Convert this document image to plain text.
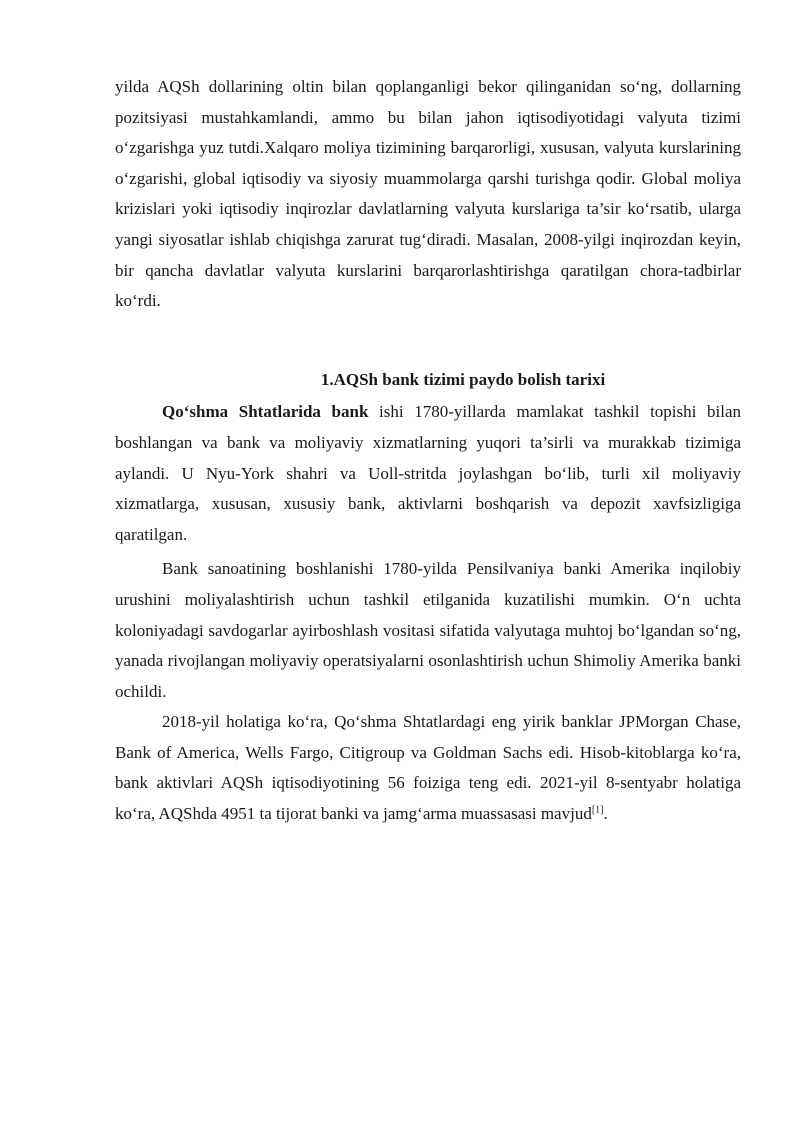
yilda AQSh dollarining oltin bilan qoplanganligi bekor qilinganidan so‘ng, dollarning pozitsiyasi mustahkamlandi, ammo bu bilan jahon iqtisodiyotidagi valyuta tizimi o‘zgarishga yuz tutdi.Xalqaro moliya tizimining barqarorligi, xususan, valyuta kurslarining o‘zgarishi, global iqtisodiy va siyosiy muammolarga qarshi turishga qodir. Global moliya krizislari yoki iqtisodiy inqirozlar davlatlarning valyuta kurslariga ta’sir ko‘rsatib, ularga yangi siyosatlar ishlab chiqishga zarurat tug‘diradi. Masalan, 2008-yilgi inqirozdan keyin, bir qancha davlatlar valyuta kurslarini barqarorlashtirishga qaratilgan chora-tadbirlar ko‘rdi.

1.AQSh bank tizimi paydo bolish tarixi

Qo‘shma Shtatlarida bank ishi 1780-yillarda mamlakat tashkil topishi bilan boshlangan va bank va moliyaviy xizmatlarning yuqori ta’sirli va murakkab tizimiga aylandi. U Nyu-York shahri va Uoll-stritda joylashgan bo‘lib, turli xil moliyaviy xizmatlarga, xususan, xususiy bank, aktivlarni boshqarish va depozit xavfsizligiga qaratilgan.

Bank sanoatining boshlanishi 1780-yilda Pensilvaniya banki Amerika inqilobiy urushini moliyalashtirish uchun tashkil etilganida kuzatilishi mumkin. O‘n uchta koloniyadagi savdogarlar ayirboshlash vositasi sifatida valyutaga muhtoj bo‘lgandan so‘ng, yanada rivojlangan moliyaviy operatsiyalarni osonlashtirish uchun Shimoliy Amerika banki ochildi.

2018-yil holatiga ko‘ra, Qo‘shma Shtatlardagi eng yirik banklar JPMorgan Chase, Bank of America, Wells Fargo, Citigroup va Goldman Sachs edi. Hisob-kitoblarga ko‘ra, bank aktivlari AQSh iqtisodiyotining 56 foiziga teng edi. 2021-yil 8-sentyabr holatiga ko‘ra, AQShda 4951 ta tijorat banki va jamg‘arma muassasasi mavjud[1].
